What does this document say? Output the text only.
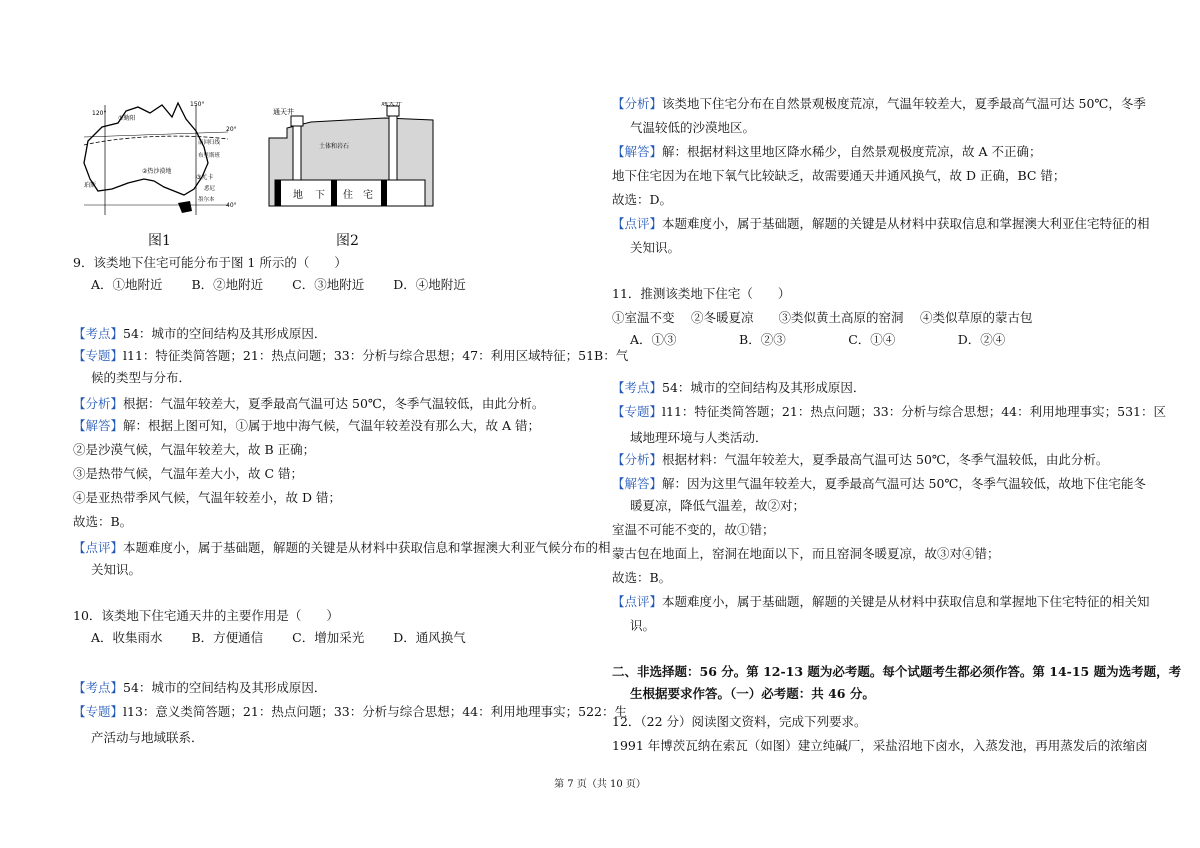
120°
150°
20°
40°
①勤阳
南回归线
布里斯班
②热沙漠地
③尤卡
悉尼
墨尔本
珀斯
图1
通天井
通天井
土体和岩石
地 下 住 宅
图2
9．该类地下住宅可能分布于图 1 所示的（　　）
A．①地附近　　 B．②地附近　　 C．③地附近　　 D．④地附近
【考点】54：城市的空间结构及其形成原因．
【专题】l11：特征类简答题；21：热点问题；33：分析与综合思想；47：利用区域特征；51B：气
候的类型与分布．
【分析】根据：气温年较差大，夏季最高气温可达 50℃，冬季气温较低，由此分析。
【解答】解：根据上图可知，①属于地中海气候，气温年较差没有那么大，故 A 错；
②是沙漠气候，气温年较差大，故 B 正确；
③是热带气候，气温年差大小，故 C 错；
④是亚热带季风气候，气温年较差小，故 D 错；
故选：B。
【点评】本题难度小，属于基础题，解题的关键是从材料中获取信息和掌握澳大利亚气候分布的相
关知识。
10．该类地下住宅通天井的主要作用是（　　）
A．收集雨水　　 B．方便通信　　 C．增加采光　　 D．通风换气
【考点】54：城市的空间结构及其形成原因．
【专题】l13：意义类简答题；21：热点问题；33：分析与综合思想；44：利用地理事实；522：生
产活动与地域联系．
【分析】该类地下住宅分布在自然景观极度荒凉，气温年较差大，夏季最高气温可达 50℃，冬季
气温较低的沙漠地区。
【解答】解：根据材料这里地区降水稀少，自然景观极度荒凉，故 A 不正确；
地下住宅因为在地下氧气比较缺乏，故需要通天井通风换气，故 D 正确，BC 错；
故选：D。
【点评】本题难度小，属于基础题，解题的关键是从材料中获取信息和掌握澳大利亚住宅特征的相
关知识。
11．推测该类地下住宅（　　）
①室温不变　 ②冬暖夏凉　　③类似黄土高原的窑洞　 ④类似草原的蒙古包
A．①③　　　　　B．②③　　　　　C．①④　　　　　D．②④
【考点】54：城市的空间结构及其形成原因．
【专题】l11：特征类简答题；21：热点问题；33：分析与综合思想；44：利用地理事实；531：区
域地理环境与人类活动．
【分析】根据材料：气温年较差大，夏季最高气温可达 50℃，冬季气温较低，由此分析。
【解答】解：因为这里气温年较差大，夏季最高气温可达 50℃，冬季气温较低，故地下住宅能冬
暖夏凉，降低气温差，故②对；
室温不可能不变的，故①错；
蒙古包在地面上，窑洞在地面以下，而且窑洞冬暖夏凉，故③对④错；
故选：B。
【点评】本题难度小，属于基础题，解题的关键是从材料中获取信息和掌握地下住宅特征的相关知
识。
二、非选择题：56 分。第 12-13 题为必考题。每个试题考生都必须作答。第 14-15 题为选考题，考
生根据要求作答。（一）必考题：共 46 分。
12．（22 分）阅读图文资料，完成下列要求。
1991 年博茨瓦纳在索瓦（如图）建立纯碱厂，采盐沼地下卤水，入蒸发池，再用蒸发后的浓缩卤
第 7 页（共 10 页）
